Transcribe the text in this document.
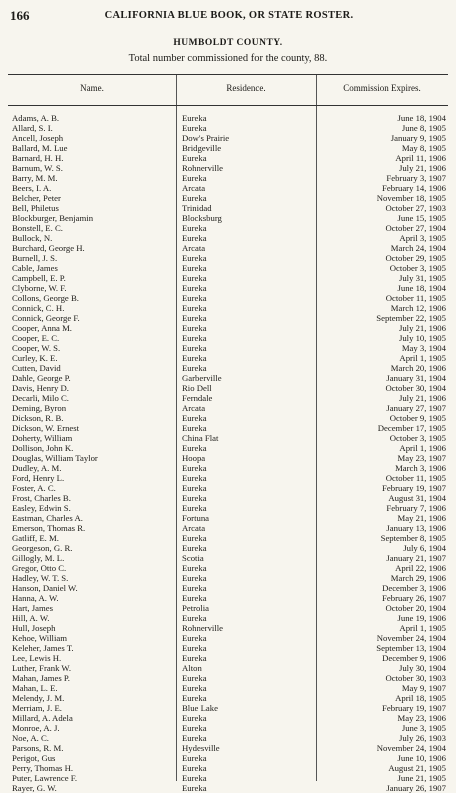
166	CALIFORNIA BLUE BOOK, OR STATE ROSTER.
HUMBOLDT COUNTY.
Total number commissioned for the county, 88.
Name.	Residence.	Commission Expires.
Adams, A. B.	Eureka	June 18, 1904
Allard, S. I.	Eureka	June 8, 1905
Ancell, Joseph	Dow's Prairie	January 9, 1905
Ballard, M. Lue	Bridgeville	May 8, 1905
Barnard, H. H.	Eureka	April 11, 1906
Barnum, W. S.	Rohnerville	July 21, 1906
Barry, M. M.	Eureka	February 3, 1907
Beers, I. A.	Arcata	February 14, 1906
Belcher, Peter	Eureka	November 18, 1905
Bell, Philetus	Trinidad	October 27, 1903
Blockburger, Benjamin	Blocksburg	June 15, 1905
Bonstell, E. C.	Eureka	October 27, 1904
Bullock, N.	Eureka	April 3, 1905
Burchard, George H.	Arcata	March 24, 1904
Burnell, J. S.	Eureka	October 29, 1905
Cable, James	Eureka	October 3, 1905
Campbell, E. P.	Eureka	July 31, 1905
Clyborne, W. F.	Eureka	June 18, 1904
Collons, George B.	Eureka	October 11, 1905
Connick, C. H.	Eureka	March 12, 1906
Connick, George F.	Eureka	September 22, 1905
Cooper, Anna M.	Eureka	July 21, 1906
Cooper, E. C.	Eureka	July 10, 1905
Cooper, W. S.	Eureka	May 3, 1904
Curley, K. E.	Eureka	April 1, 1905
Cutten, David	Eureka	March 20, 1906
Dahle, George P.	Garberville	January 31, 1904
Davis, Henry D.	Rio Dell	October 30, 1904
Decarli, Milo C.	Ferndale	July 21, 1906
Deming, Byron	Arcata	January 27, 1907
Dickson, R. B.	Eureka	October 9, 1905
Dickson, W. Ernest	Eureka	December 17, 1905
Doherty, William	China Flat	October 3, 1905
Dollison, John K.	Eureka	April 1, 1906
Douglas, William Taylor	Hoopa	May 23, 1907
Dudley, A. M.	Eureka	March 3, 1906
Ford, Henry L.	Eureka	October 11, 1905
Foster, A. C.	Eureka	February 19, 1907
Frost, Charles B.	Eureka	August 31, 1904
Easley, Edwin S.	Eureka	February 7, 1906
Eastman, Charles A.	Fortuna	May 21, 1906
Emerson, Thomas R.	Arcata	January 13, 1906
Gatliff, E. M.	Eureka	September 8, 1905
Georgeson, G. R.	Eureka	July 6, 1904
Gillogly, M. L.	Scotia	January 21, 1907
Gregor, Otto C.	Eureka	April 22, 1906
Hadley, W. T. S.	Eureka	March 29, 1906
Hanson, Daniel W.	Eureka	December 3, 1906
Hanna, A. W.	Eureka	February 26, 1907
Hart, James	Petrolia	October 20, 1904
Hill, A. W.	Eureka	June 19, 1906
Hull, Joseph	Rohnerville	April 1, 1905
Kehoe, William	Eureka	November 24, 1904
Keleher, James T.	Eureka	September 13, 1904
Lee, Lewis H.	Eureka	December 9, 1906
Luther, Frank W.	Alton	July 30, 1904
Mahan, James P.	Eureka	October 30, 1903
Mahan, L. E.	Eureka	May 9, 1907
Melendy, J. M.	Eureka	April 18, 1905
Merriam, J. E.	Blue Lake	February 19, 1907
Millard, A. Adela	Eureka	May 23, 1906
Monroe, A. J.	Eureka	June 3, 1905
Noe, A. C.	Eureka	July 26, 1903
Parsons, R. M.	Hydesville	November 24, 1904
Perigot, Gus	Eureka	June 10, 1906
Perry, Thomas H.	Eureka	August 21, 1905
Puter, Lawrence F.	Eureka	June 21, 1905
Rayer, G. W.	Eureka	January 26, 1907
